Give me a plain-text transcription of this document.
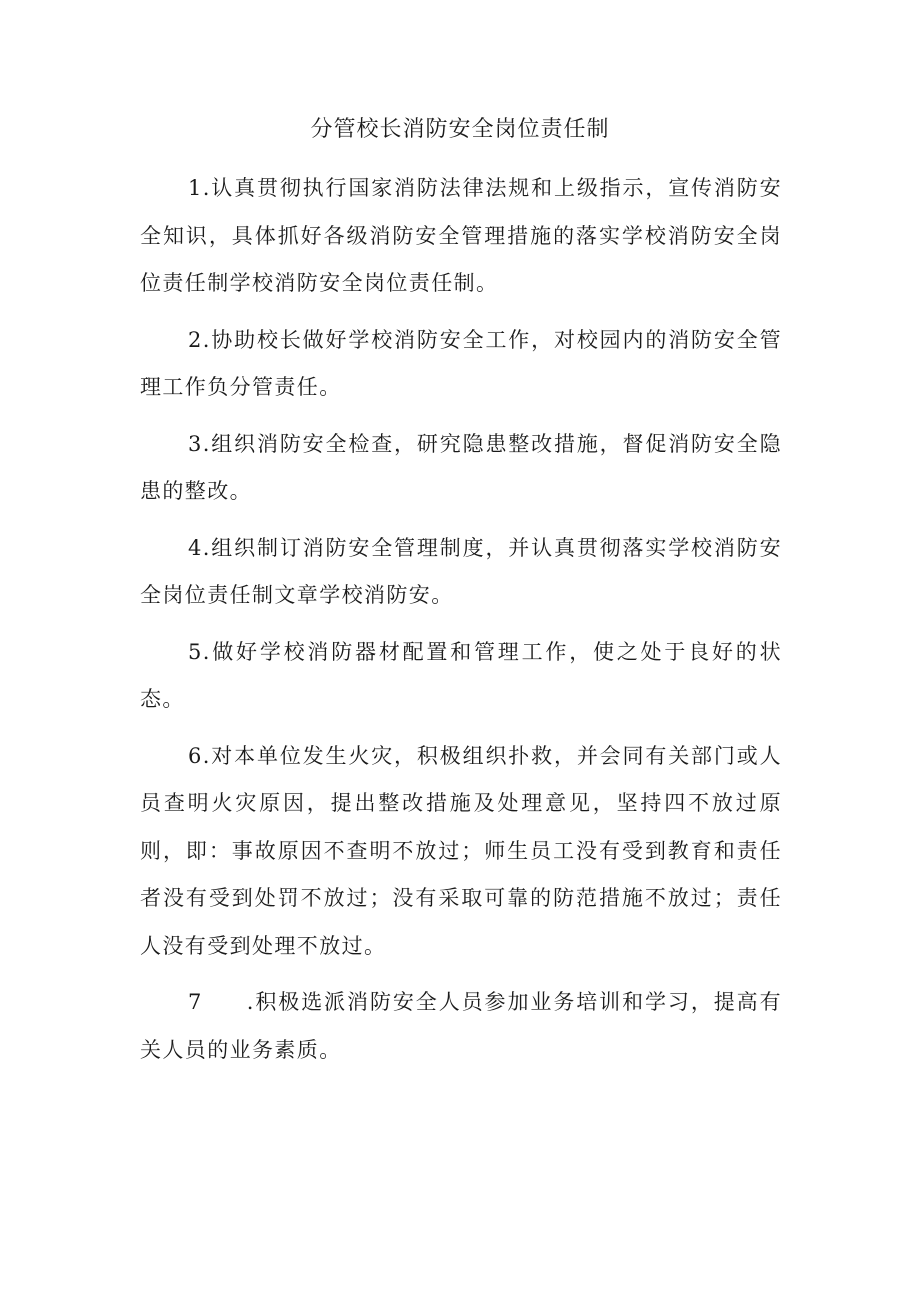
分管校长消防安全岗位责任制

1.认真贯彻执行国家消防法律法规和上级指示，宣传消防安全知识，具体抓好各级消防安全管理措施的落实学校消防安全岗位责任制学校消防安全岗位责任制。

2.协助校长做好学校消防安全工作，对校园内的消防安全管理工作负分管责任。

3.组织消防安全检查，研究隐患整改措施，督促消防安全隐患的整改。

4.组织制订消防安全管理制度，并认真贯彻落实学校消防安全岗位责任制文章学校消防安。

5.做好学校消防器材配置和管理工作，使之处于良好的状态。

6.对本单位发生火灾，积极组织扑救，并会同有关部门或人员查明火灾原因，提出整改措施及处理意见，坚持四不放过原则，即：事故原因不查明不放过；师生员工没有受到教育和责任者没有受到处罚不放过；没有采取可靠的防范措施不放过；责任人没有受到处理不放过。

7 .积极选派消防安全人员参加业务培训和学习，提高有关人员的业务素质。
